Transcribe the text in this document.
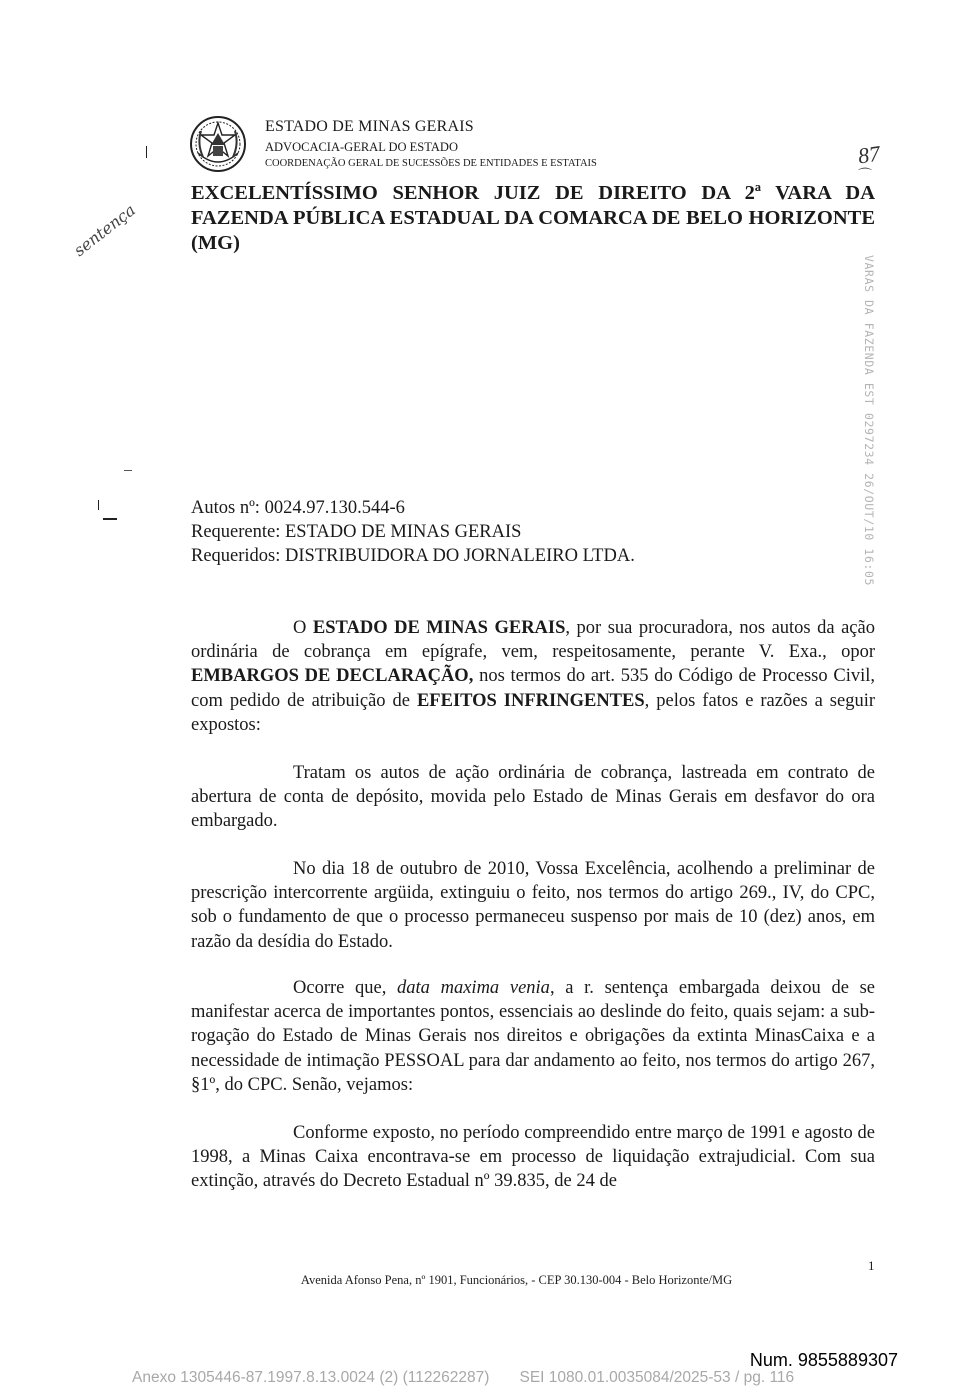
ESTADO DE MINAS GERAIS
ADVOCACIA-GERAL DO ESTADO
COORDENAÇÃO GERAL DE SUCESSÕES DE ENTIDADES E ESTATAIS	87
⌒
EXCELENTÍSSIMO SENHOR JUIZ DE DIREITO DA 2ª VARA DA FAZENDA PÚBLICA ESTADUAL DA COMARCA DE BELO HORIZONTE (MG)
sentença
VARAS DA FAZENDA EST 0297234 26/OUT/10 16:05
Autos nº: 0024.97.130.544-6
Requerente: ESTADO DE MINAS GERAIS
Requeridos: DISTRIBUIDORA DO JORNALEIRO LTDA.

O ESTADO DE MINAS GERAIS, por sua procuradora, nos autos da ação ordinária de cobrança em epígrafe, vem, respeitosamente, perante V. Exa., opor EMBARGOS DE DECLARAÇÃO, nos termos do art. 535 do Código de Processo Civil, com pedido de atribuição de EFEITOS INFRINGENTES, pelos fatos e razões a seguir expostos:

Tratam os autos de ação ordinária de cobrança, lastreada em contrato de abertura de conta de depósito, movida pelo Estado de Minas Gerais em desfavor do ora embargado.

No dia 18 de outubro de 2010, Vossa Excelência, acolhendo a preliminar de prescrição intercorrente argüida, extinguiu o feito, nos termos do artigo 269., IV, do CPC, sob o fundamento de que o processo permaneceu suspenso por mais de 10 (dez) anos, em razão da desídia do Estado.

Ocorre que, data maxima venia, a r. sentença embargada deixou de se manifestar acerca de importantes pontos, essenciais ao deslinde do feito, quais sejam: a sub-rogação do Estado de Minas Gerais nos direitos e obrigações da extinta MinasCaixa e a necessidade de intimação PESSOAL para dar andamento ao feito, nos termos do artigo 267, §1º, do CPC. Senão, vejamos:

Conforme exposto, no período compreendido entre março de 1991 e agosto de 1998, a Minas Caixa encontrava-se em processo de liquidação extrajudicial. Com sua extinção, através do Decreto Estadual nº 39.835, de 24 de

1
Avenida Afonso Pena, nº 1901, Funcionários, - CEP 30.130-004 - Belo Horizonte/MG
Num. 9855889307
Anexo 1305446-87.1997.8.13.0024 (2) (112262287)       SEI 1080.01.0035084/2025-53 / pg. 116
